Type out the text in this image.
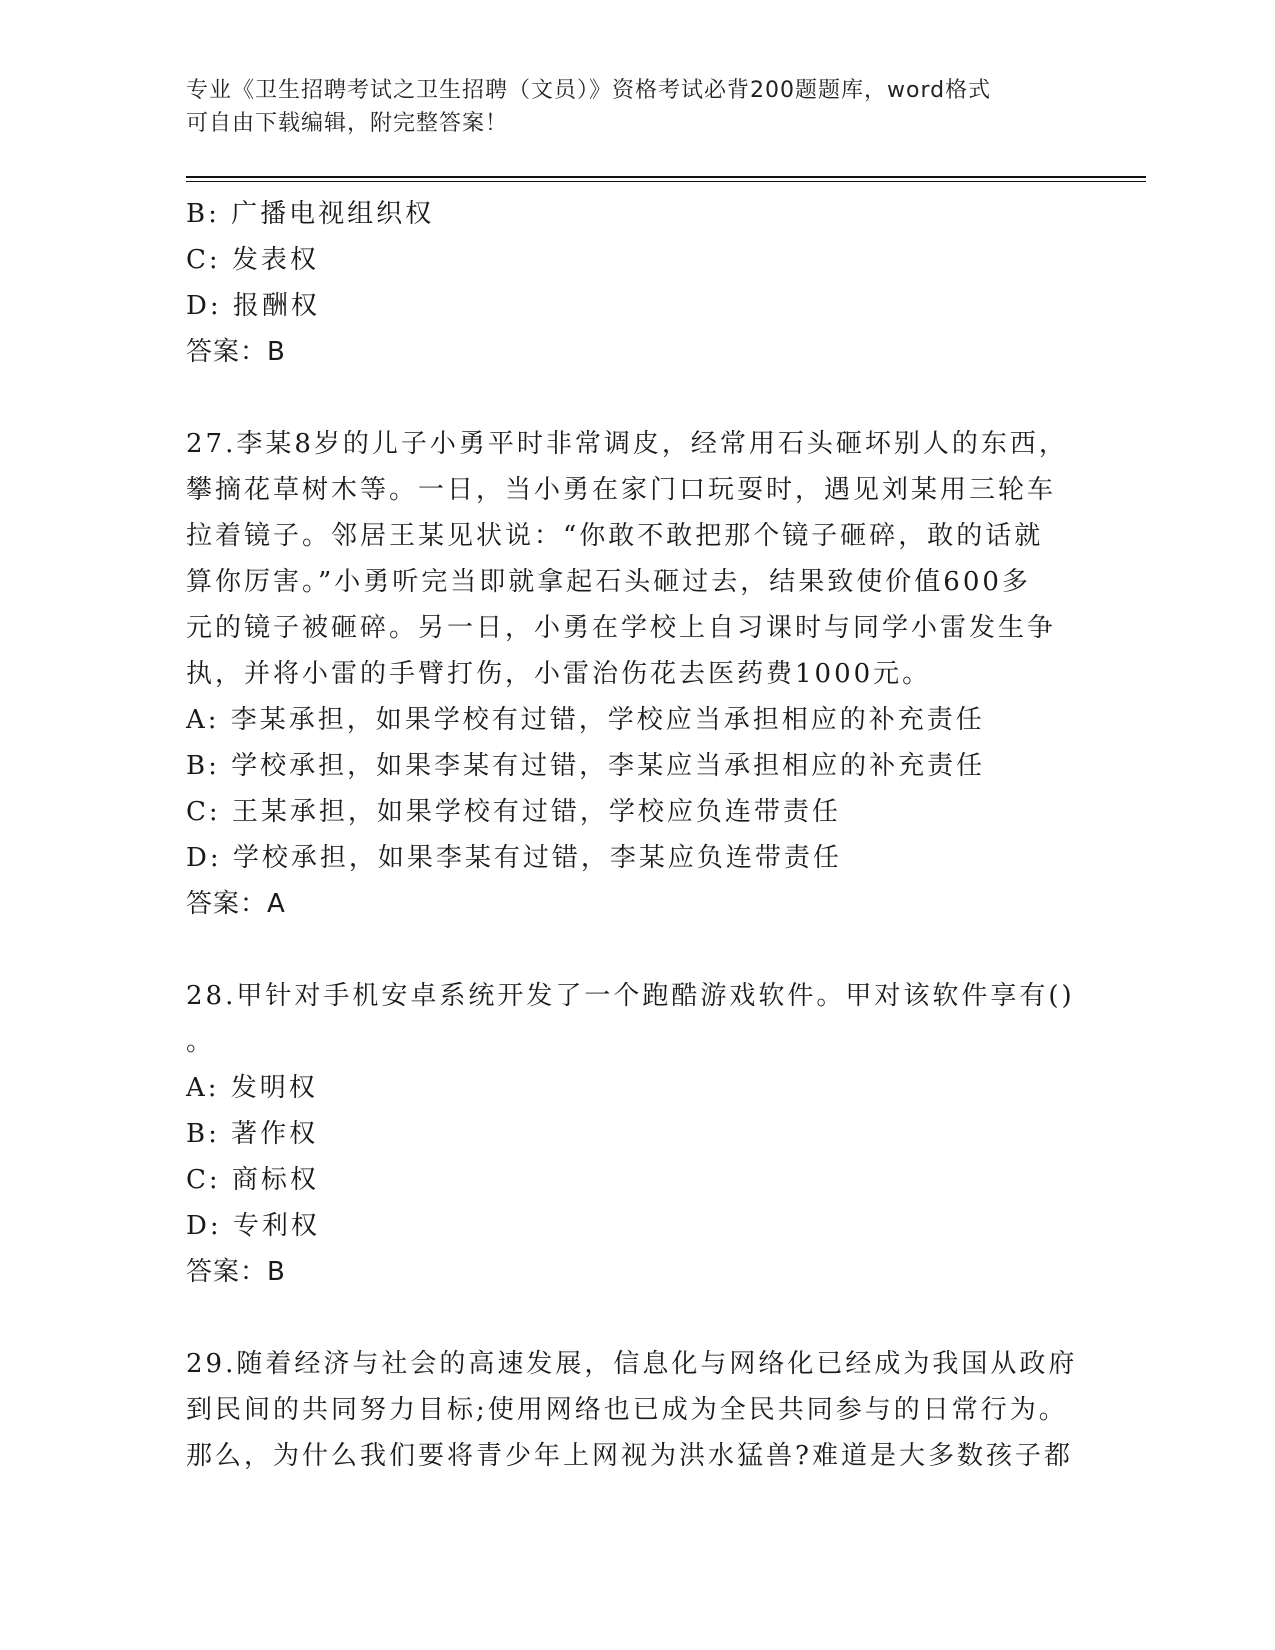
专业《卫生招聘考试之卫生招聘（文员）》资格考试必背200题题库，word格式
可自由下载编辑，附完整答案！
B: 广播电视组织权
C: 发表权
D: 报酬权
答案：B
27.李某8岁的儿子小勇平时非常调皮，经常用石头砸坏别人的东西，
攀摘花草树木等。一日，当小勇在家门口玩耍时，遇见刘某用三轮车
拉着镜子。邻居王某见状说：“你敢不敢把那个镜子砸碎，敢的话就
算你厉害。”小勇听完当即就拿起石头砸过去，结果致使价值600多
元的镜子被砸碎。另一日，小勇在学校上自习课时与同学小雷发生争
执，并将小雷的手臂打伤，小雷治伤花去医药费1000元。
A: 李某承担，如果学校有过错，学校应当承担相应的补充责任
B: 学校承担，如果李某有过错，李某应当承担相应的补充责任
C: 王某承担，如果学校有过错，学校应负连带责任
D: 学校承担，如果李某有过错，李某应负连带责任
答案：A
28.甲针对手机安卓系统开发了一个跑酷游戏软件。甲对该软件享有()
。
A: 发明权
B: 著作权
C: 商标权
D: 专利权
答案：B
29.随着经济与社会的高速发展，信息化与网络化已经成为我国从政府
到民间的共同努力目标;使用网络也已成为全民共同参与的日常行为。
那么，为什么我们要将青少年上网视为洪水猛兽?难道是大多数孩子都
